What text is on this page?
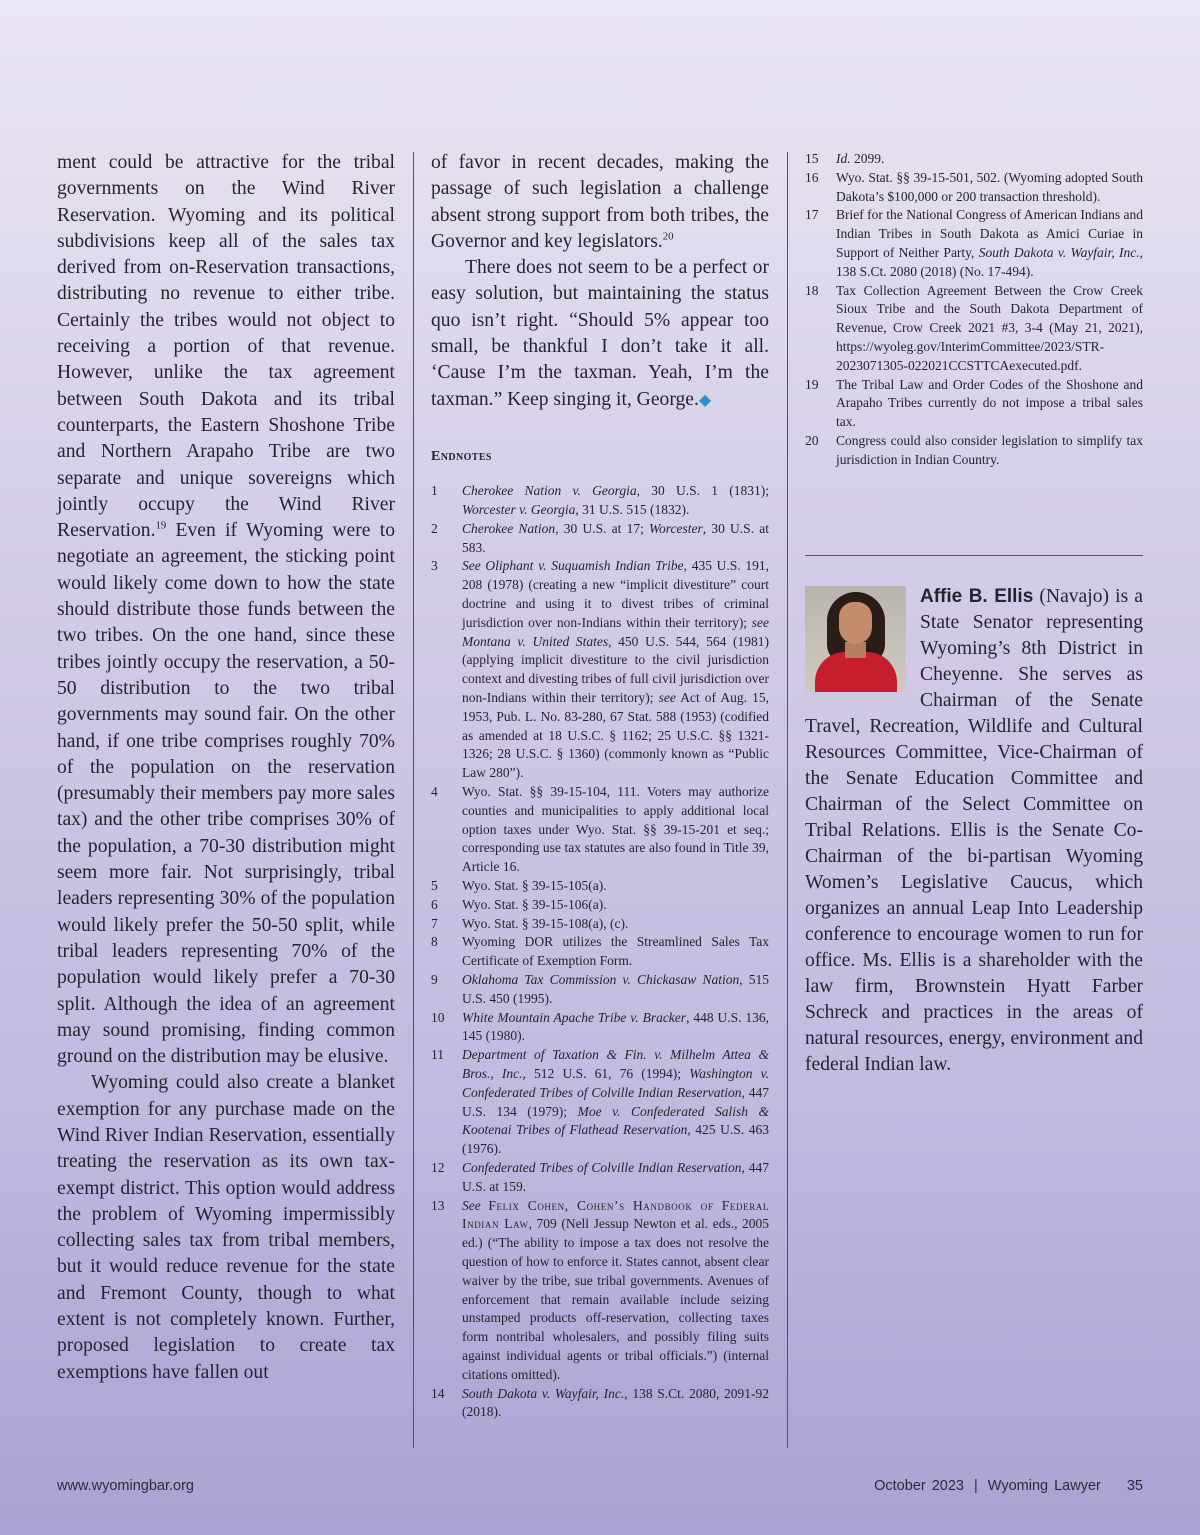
ment could be attractive for the tribal governments on the Wind River Reservation. Wyoming and its political subdivisions keep all of the sales tax derived from on-Reservation transactions, distributing no revenue to either tribe. Certainly the tribes would not object to receiving a portion of that revenue. However, unlike the tax agreement between South Dakota and its tribal counterparts, the Eastern Shoshone Tribe and Northern Arapaho Tribe are two separate and unique sovereigns which jointly occupy the Wind River Reservation.$^{19}$ Even if Wyoming were to negotiate an agreement, the sticking point would likely come down to how the state should distribute those funds between the two tribes. On the one hand, since these tribes jointly occupy the reservation, a 50-50 distribution to the two tribal governments may sound fair. On the other hand, if one tribe comprises roughly 70% of the population on the reservation (presumably their members pay more sales tax) and the other tribe comprises 30% of the population, a 70-30 distribution might seem more fair. Not surprisingly, tribal leaders representing 30% of the population would likely prefer the 50-50 split, while tribal leaders representing 70% of the population would likely prefer a 70-30 split. Although the idea of an agreement may sound promising, finding common ground on the distribution may be elusive.

Wyoming could also create a blanket exemption for any purchase made on the Wind River Indian Reservation, essentially treating the reservation as its own tax-exempt district. This option would address the problem of Wyoming impermissibly collecting sales tax from tribal members, but it would reduce revenue for the state and Fremont County, though to what extent is not completely known. Further, proposed legislation to create tax exemptions have fallen out

of favor in recent decades, making the passage of such legislation a challenge absent strong support from both tribes, the Governor and key legislators.$^{20}$

There does not seem to be a perfect or easy solution, but maintaining the status quo isn’t right. “Should 5% appear too small, be thankful I don’t take it all. ‘Cause I’m the taxman. Yeah, I’m the taxman.” Keep singing it, George.◆

Endnotes
1	Cherokee Nation v. Georgia, 30 U.S. 1 (1831); Worcester v. Georgia, 31 U.S. 515 (1832).
2	Cherokee Nation, 30 U.S. at 17; Worcester, 30 U.S. at 583.
3	See Oliphant v. Suquamish Indian Tribe, 435 U.S. 191, 208 (1978) (creating a new “implicit divestiture” court doctrine and using it to divest tribes of criminal jurisdiction over non-Indians within their territory); see Montana v. United States, 450 U.S. 544, 564 (1981) (applying implicit divestiture to the civil jurisdiction context and divesting tribes of full civil jurisdiction over non-Indians within their territory); see Act of Aug. 15, 1953, Pub. L. No. 83-280, 67 Stat. 588 (1953) (codified as amended at 18 U.S.C. § 1162; 25 U.S.C. §§ 1321-1326; 28 U.S.C. § 1360) (commonly known as “Public Law 280”).
4	Wyo. Stat. §§ 39-15-104, 111. Voters may authorize counties and municipalities to apply additional local option taxes under Wyo. Stat. §§ 39-15-201 et seq.; corresponding use tax statutes are also found in Title 39, Article 16.
5	Wyo. Stat. § 39-15-105(a).
6	Wyo. Stat. § 39-15-106(a).
7	Wyo. Stat. § 39-15-108(a), (c).
8	Wyoming DOR utilizes the Streamlined Sales Tax Certificate of Exemption Form.
9	Oklahoma Tax Commission v. Chickasaw Nation, 515 U.S. 450 (1995).
10	White Mountain Apache Tribe v. Bracker, 448 U.S. 136, 145 (1980).
11	Department of Taxation & Fin. v. Milhelm Attea & Bros., Inc., 512 U.S. 61, 76 (1994); Washington v. Confederated Tribes of Colville Indian Reservation, 447 U.S. 134 (1979); Moe v. Confederated Salish & Kootenai Tribes of Flathead Reservation, 425 U.S. 463 (1976).
12	Confederated Tribes of Colville Indian Reservation, 447 U.S. at 159.
13	See Felix Cohen, Cohen’s Handbook of Federal Indian Law, 709 (Nell Jessup Newton et al. eds., 2005 ed.) (“The ability to impose a tax does not resolve the question of how to enforce it. States cannot, absent clear waiver by the tribe, sue tribal governments. Avenues of enforcement that remain available include seizing unstamped products off-reservation, collecting taxes form nontribal wholesalers, and possibly filing suits against individual agents or tribal officials.”) (internal citations omitted).
14	South Dakota v. Wayfair, Inc., 138 S.Ct. 2080, 2091-92 (2018).
15	Id. 2099.
16	Wyo. Stat. §§ 39-15-501, 502. (Wyoming adopted South Dakota’s $100,000 or 200 transaction threshold).
17	Brief for the National Congress of American Indians and Indian Tribes in South Dakota as Amici Curiae in Support of Neither Party, South Dakota v. Wayfair, Inc., 138 S.Ct. 2080 (2018) (No. 17-494).
18	Tax Collection Agreement Between the Crow Creek Sioux Tribe and the South Dakota Department of Revenue, Crow Creek 2021 #3, 3-4 (May 21, 2021), https://wyoleg.gov/InterimCommittee/2023/STR-2023071305-022021CCSTTCAexecuted.pdf.
19	The Tribal Law and Order Codes of the Shoshone and Arapaho Tribes currently do not impose a tribal sales tax.
20	Congress could also consider legislation to simplify tax jurisdiction in Indian Country.
Affie B. Ellis (Navajo) is a State Senator representing Wyoming’s 8th District in Cheyenne. She serves as Chairman of the Senate Travel, Recreation, Wildlife and Cultural Resources Committee, Vice-Chairman of the Senate Education Committee and Chairman of the Select Committee on Tribal Relations. Ellis is the Senate Co-Chairman of the bi-partisan Wyoming Women’s Legislative Caucus, which organizes an annual Leap Into Leadership conference to encourage women to run for office. Ms. Ellis is a shareholder with the law firm, Brownstein Hyatt Farber Schreck and practices in the areas of natural resources, energy, environment and federal Indian law.
www.wyomingbar.org	October 2023 | Wyoming Lawyer 35
